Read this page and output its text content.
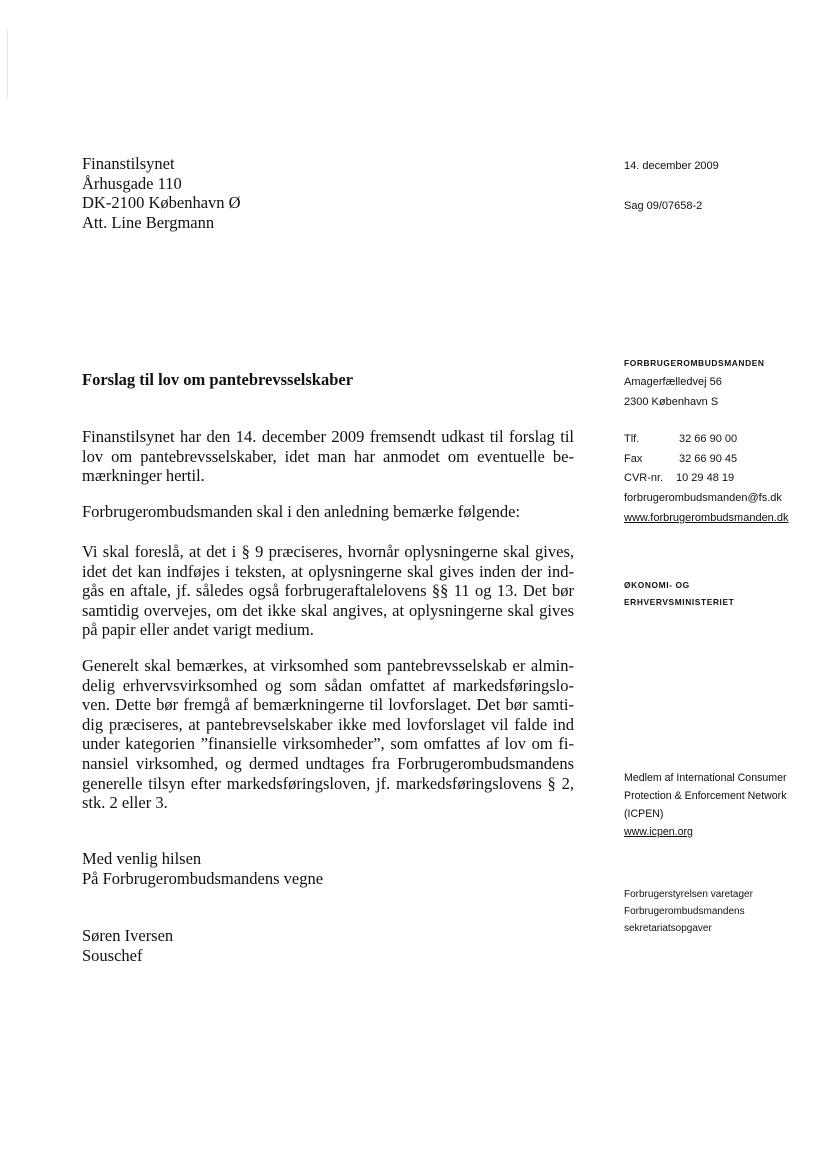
Finanstilsynet
Århusgade 110
DK-2100 København Ø
Att. Line Bergmann
14. december 2009
Sag 09/07658-2
Forslag til lov om pantebrevsselskaber
Finanstilsynet har den 14. december 2009 fremsendt udkast til forslag til
lov om pantebrevsselskaber, idet man har anmodet om eventuelle be-
mærkninger hertil.
Forbrugerombudsmanden skal i den anledning bemærke følgende:
Vi skal foreslå, at det i § 9 præciseres, hvornår oplysningerne skal gives,
idet det kan indføjes i teksten, at oplysningerne skal gives inden der ind-
gås en aftale, jf. således også forbrugeraftalelovens §§ 11 og 13. Det bør
samtidig overvejes, om det ikke skal angives, at oplysningerne skal gives
på papir eller andet varigt medium.
Generelt skal bemærkes, at virksomhed som pantebrevsselskab er almin-
delig erhvervsvirksomhed og som sådan omfattet af markedsføringslo-
ven. Dette bør fremgå af bemærkningerne til lovforslaget. Det bør samti-
dig præciseres, at pantebrevselskaber ikke med lovforslaget vil falde ind
under kategorien ”finansielle virksomheder”, som omfattes af lov om fi-
nansiel virksomhed, og dermed undtages fra Forbrugerombudsmandens
generelle tilsyn efter markedsføringsloven, jf. markedsføringslovens § 2,
stk. 2 eller 3.
Med venlig hilsen
På Forbrugerombudsmandens vegne
Søren Iversen
Souschef
FORBRUGEROMBUDSMANDEN
Amagerfælledvej 56
2300 København S
Tlf.	32 66 90 00
Fax	32 66 90 45
CVR-nr.	10 29 48 19
forbrugerombudsmanden@fs.dk
www.forbrugerombudsmanden.dk
ØKONOMI- OG
ERHVERVSMINISTERIET
Medlem af International Consumer
Protection & Enforcement Network
(ICPEN)
www.icpen.org
Forbrugerstyrelsen varetager
Forbrugerombudsmandens
sekretariatsopgaver
